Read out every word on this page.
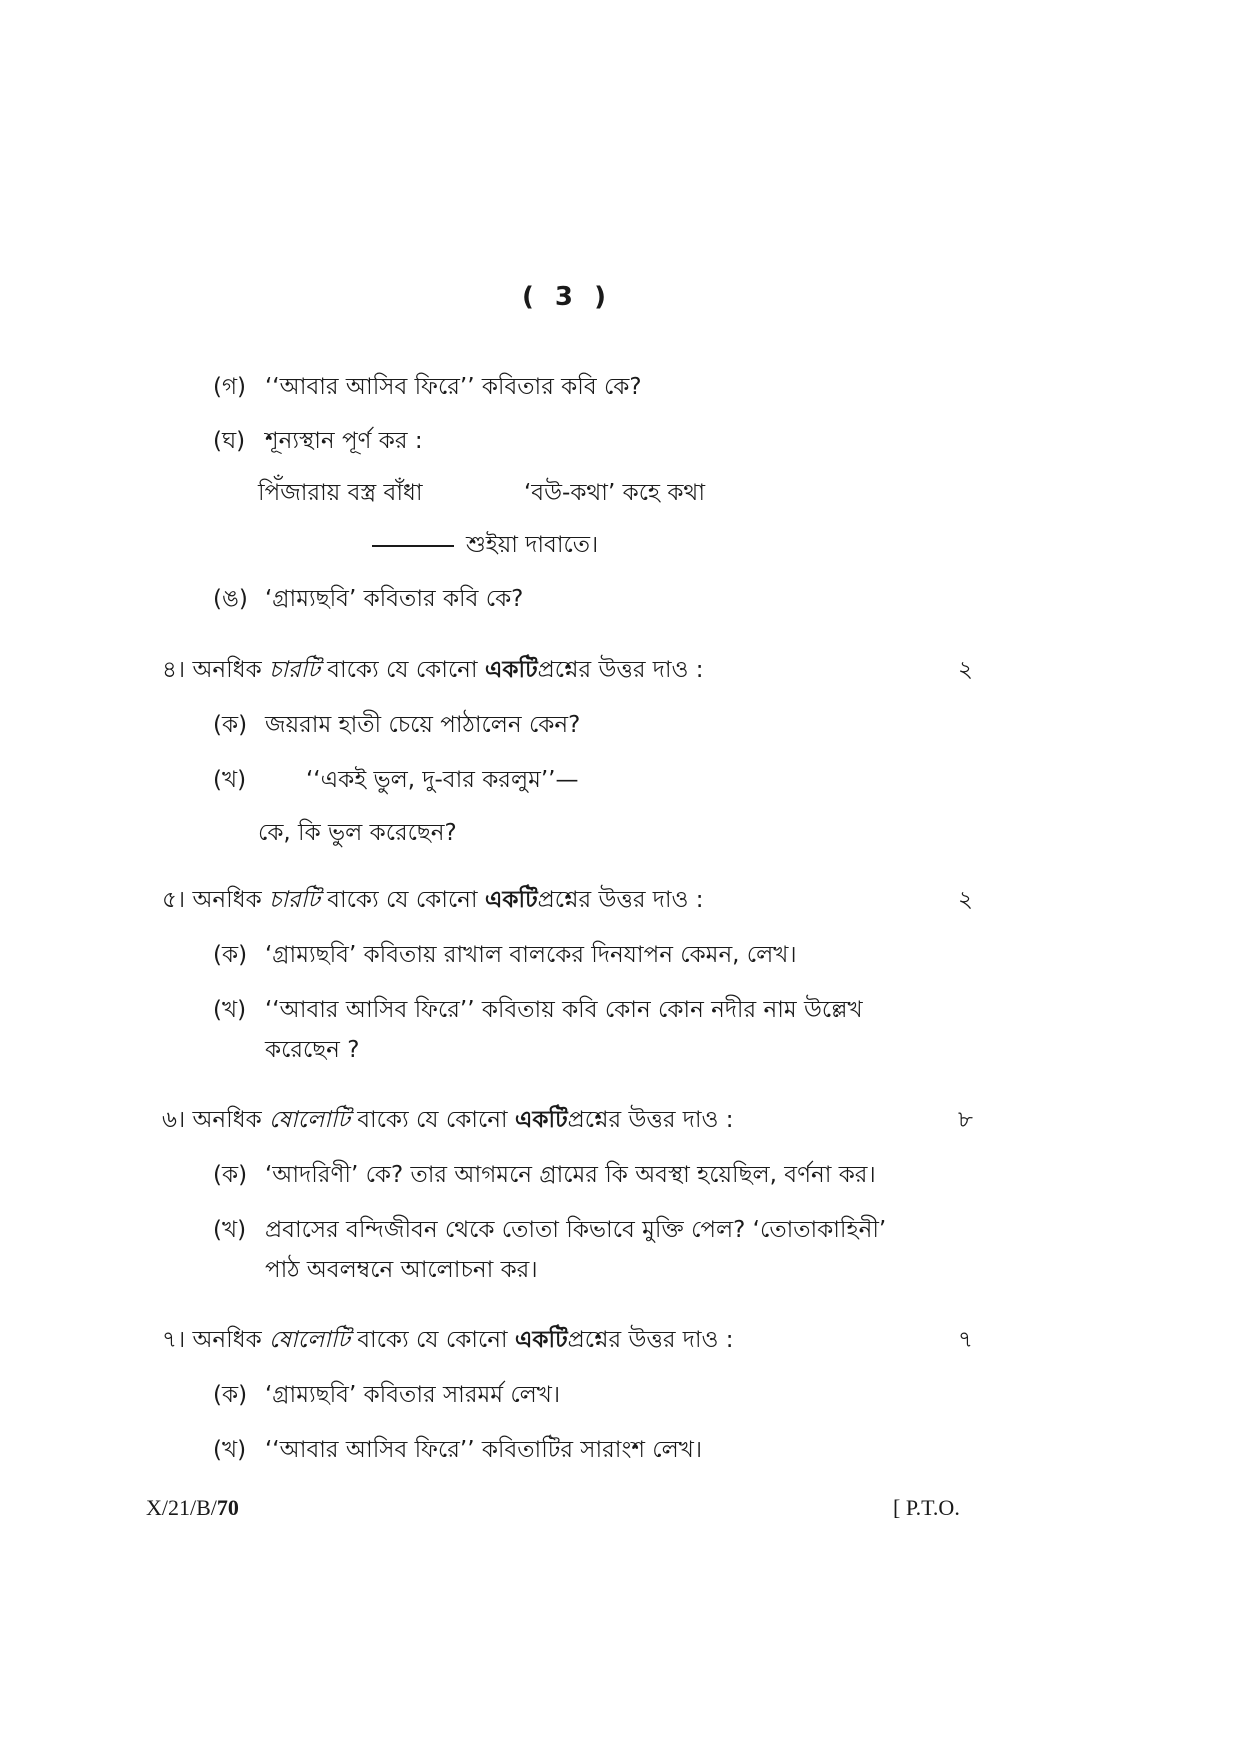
( 3 )
(গ) ‘‘আবার আসিব ফিরে’’ কবিতার কবি কে?
(ঘ) শূন্যস্থান পূর্ণ কর :
পিঁজারায় বস্ত্র বাঁধা	‘বউ-কথা’ কহে কথা
শুইয়া দাবাতে।
(ঙ) ‘গ্রাম্যছবি’ কবিতার কবি কে?
৪। অনধিক চারটি বাক্যে যে কোনো একটিপ্রশ্নের উত্তর দাও :	২
(ক) জয়রাম হাতী চেয়ে পাঠালেন কেন?
(খ)	‘‘একই ভুল, দু-বার করলুম’’—
কে, কি ভুল করেছেন?
৫। অনধিক চারটি বাক্যে যে কোনো একটিপ্রশ্নের উত্তর দাও :	২
(ক) ‘গ্রাম্যছবি’ কবিতায় রাখাল বালকের দিনযাপন কেমন, লেখ।
(খ) ‘‘আবার আসিব ফিরে’’ কবিতায় কবি কোন কোন নদীর নাম উল্লেখ
করেছেন ?
৬। অনধিক ষোলোটি বাক্যে যে কোনো একটিপ্রশ্নের উত্তর দাও :	৮
(ক) ‘আদরিণী’ কে? তার আগমনে গ্রামের কি অবস্থা হয়েছিল, বর্ণনা কর।
(খ) প্রবাসের বন্দিজীবন থেকে তোতা কিভাবে মুক্তি পেল? ‘তোতাকাহিনী’
পাঠ অবলম্বনে আলোচনা কর।
৭। অনধিক ষোলোটি বাক্যে যে কোনো একটিপ্রশ্নের উত্তর দাও :	৭
(ক) ‘গ্রাম্যছবি’ কবিতার সারমর্ম লেখ।
(খ) ‘‘আবার আসিব ফিরে’’ কবিতাটির সারাংশ লেখ।
X/21/B/70	[ P.T.O.
